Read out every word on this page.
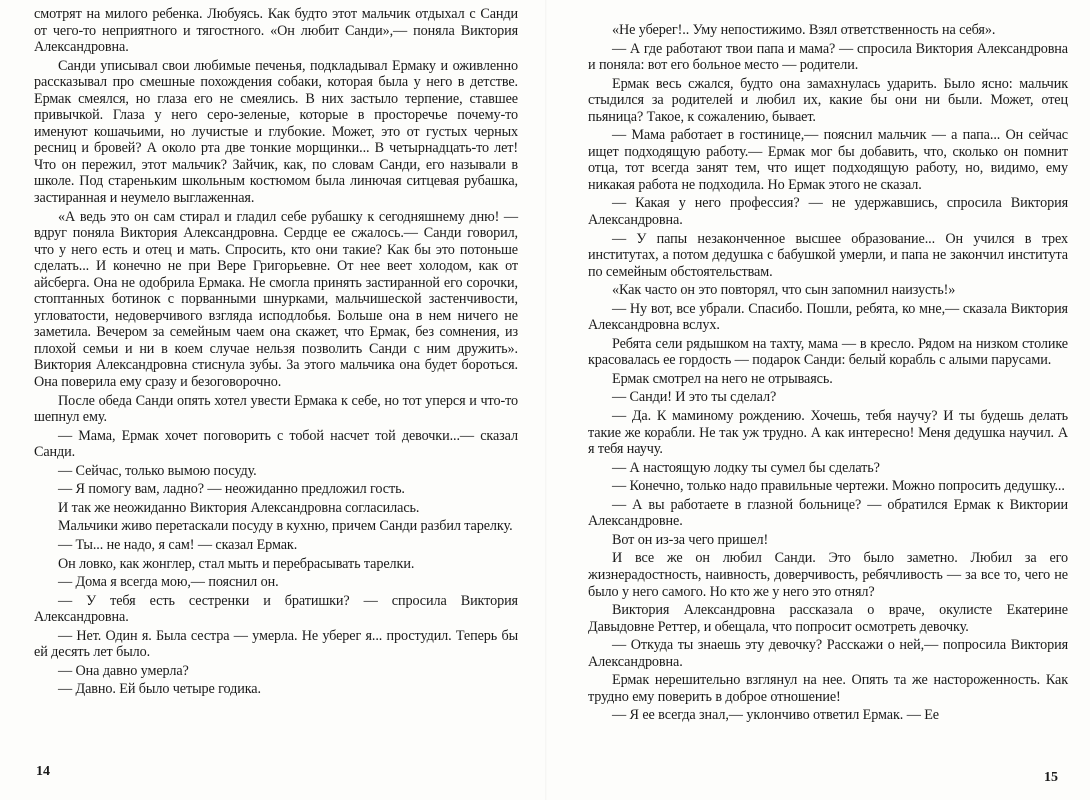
смотрят на милого ребенка. Любуясь. Как будто этот мальчик отдыхал с Санди от чего-то неприятного и тягостного. «Он любит Санди»,— поняла Виктория Александровна.

Санди упиcывал свои любимые печенья, подкладывал Ермаку и оживленно рассказывал про смешные похождения собаки, которая была у него в детстве. Ермак смеялся, но глаза его не смеялись. В них застыло терпение, ставшее привычкой. Глаза у него серо-зеленые, которые в просторечье почему-то именуют кошачьими, но лучистые и глубокие. Может, это от густых черных ресниц и бровей? А около рта две тонкие морщинки... В четырнадцать-то лет! Что он пережил, этот мальчик? Зайчик, как, по словам Санди, его называли в школе. Под стареньким школьным костюмом была линючая ситцевая рубашка, застиранная и неумело выглаженная.

«А ведь это он сам стирал и гладил себе рубашку к сегодняшнему дню! — вдруг поняла Виктория Александровна. Сердце ее сжалось.— Санди говорил, что у него есть и отец и мать. Спросить, кто они такие? Как бы это потоньше сделать... И конечно не при Вере Григорьевне. От нее веет холодом, как от айсберга. Она не одобрила Ермака. Не смогла принять застиранной его сорочки, стоптанных ботинок с порванными шнурками, мальчишеской застенчивости, угловатости, недоверчивого взгляда исподлобья. Больше она в нем ничего не заметила. Вечером за семейным чаем она скажет, что Ермак, без сомнения, из плохой семьи и ни в коем случае нельзя позволить Санди с ним дружить». Виктория Александровна стиснула зубы. За этого мальчика она будет бороться. Она поверила ему сразу и безоговорочно.

После обеда Санди опять хотел увести Ермака к себе, но тот уперся и что-то шепнул ему.

— Мама, Ермак хочет поговорить с тобой насчет той девочки...— сказал Санди.

— Сейчас, только вымою посуду.

— Я помогу вам, ладно? — неожиданно предложил гость.

И так же неожиданно Виктория Александровна согласилась.

Мальчики живо перетаскали посуду в кухню, причем Санди разбил тарелку.

— Ты... не надо, я сам! — сказал Ермак.

Он ловко, как жонглер, стал мыть и перебрасывать тарелки.

— Дома я всегда мою,— пояснил он.

— У тебя есть сестренки и братишки? — спросила Виктория Александровна.

— Нет. Один я. Была сестра — умерла. Не уберег я... простудил. Теперь бы ей десять лет было.

— Она давно умерла?

— Давно. Ей было четыре годика.

14

«Не уберег!.. Уму непостижимо. Взял ответственность на себя».

— А где работают твои папа и мама? — спросила Виктория Александровна и поняла: вот его больное место — родители.

Ермак весь сжался, будто она замахнулась ударить. Было ясно: мальчик стыдился за родителей и любил их, какие бы они ни были. Может, отец пьяница? Такое, к сожалению, бывает.

— Мама работает в гостинице,— пояснил мальчик — а папа... Он сейчас ищет подходящую работу.— Ермак мог бы добавить, что, сколько он помнит отца, тот всегда занят тем, что ищет подходящую работу, но, видимо, ему никакая работа не подходила. Но Ермак этого не сказал.

— Какая у него профессия? — не удержавшись, спросила Виктория Александровна.

— У папы незаконченное высшее образование... Он учился в трех институтах, а потом дедушка с бабушкой умерли, и папа не закончил института по семейным обстоятельствам.

«Как часто он это повторял, что сын запомнил наизусть!»

— Ну вот, все убрали. Спасибо. Пошли, ребята, ко мне,— сказала Виктория Александровна вслух.

Ребята сели рядышком на тахту, мама — в кресло. Рядом на низком столике красовалась ее гордость — подарок Санди: белый корабль с алыми парусами.

Ермак смотрел на него не отрываясь.

— Санди! И это ты сделал?

— Да. К маминому рождению. Хочешь, тебя научу? И ты будешь делать такие же корабли. Не так уж трудно. А как интересно! Меня дедушка научил. А я тебя научу.

— А настоящую лодку ты сумел бы сделать?

— Конечно, только надо правильные чертежи. Можно попросить дедушку...

— А вы работаете в глазной больнице? — обратился Ермак к Виктории Александровне.

Вот он из-за чего пришел!

И все же он любил Санди. Это было заметно. Любил за его жизнерадостность, наивность, доверчивость, ребячливость — за все то, чего не было у него самого. Но кто же у него это отнял?

Виктория Александровна рассказала о враче, окулисте Екатерине Давыдовне Реттер, и обещала, что попросит осмотреть девочку.

— Откуда ты знаешь эту девочку? Расскажи о ней,— попросила Виктория Александровна.

Ермак нерешительно взглянул на нее. Опять та же настороженность. Как трудно ему поверить в доброе отношение!

— Я ее всегда знал,— уклончиво ответил Ермак. — Ее

15
